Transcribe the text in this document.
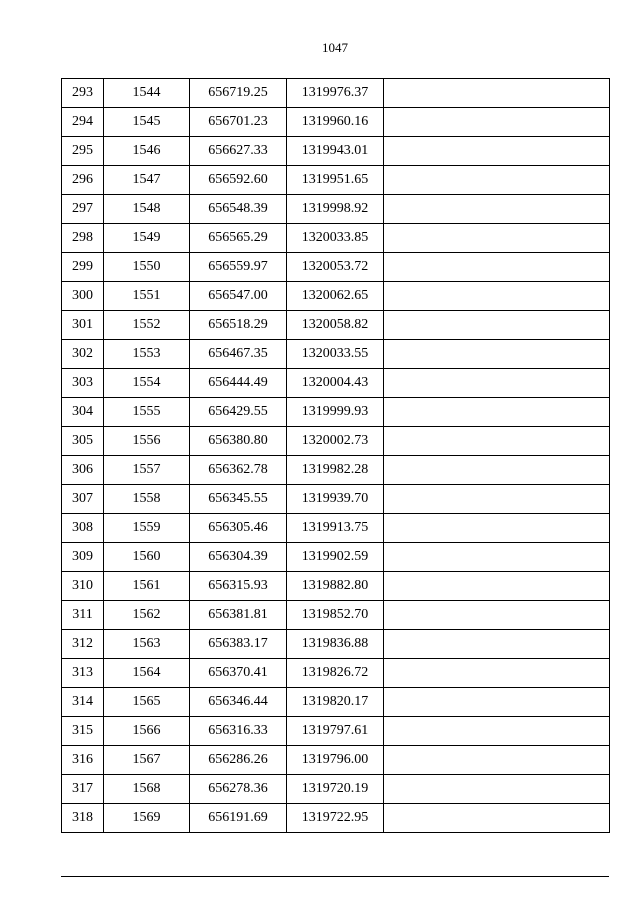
1047
293	1544	656719.25	1319976.37	
294	1545	656701.23	1319960.16	
295	1546	656627.33	1319943.01	
296	1547	656592.60	1319951.65	
297	1548	656548.39	1319998.92	
298	1549	656565.29	1320033.85	
299	1550	656559.97	1320053.72	
300	1551	656547.00	1320062.65	
301	1552	656518.29	1320058.82	
302	1553	656467.35	1320033.55	
303	1554	656444.49	1320004.43	
304	1555	656429.55	1319999.93	
305	1556	656380.80	1320002.73	
306	1557	656362.78	1319982.28	
307	1558	656345.55	1319939.70	
308	1559	656305.46	1319913.75	
309	1560	656304.39	1319902.59	
310	1561	656315.93	1319882.80	
311	1562	656381.81	1319852.70	
312	1563	656383.17	1319836.88	
313	1564	656370.41	1319826.72	
314	1565	656346.44	1319820.17	
315	1566	656316.33	1319797.61	
316	1567	656286.26	1319796.00	
317	1568	656278.36	1319720.19	
318	1569	656191.69	1319722.95	
